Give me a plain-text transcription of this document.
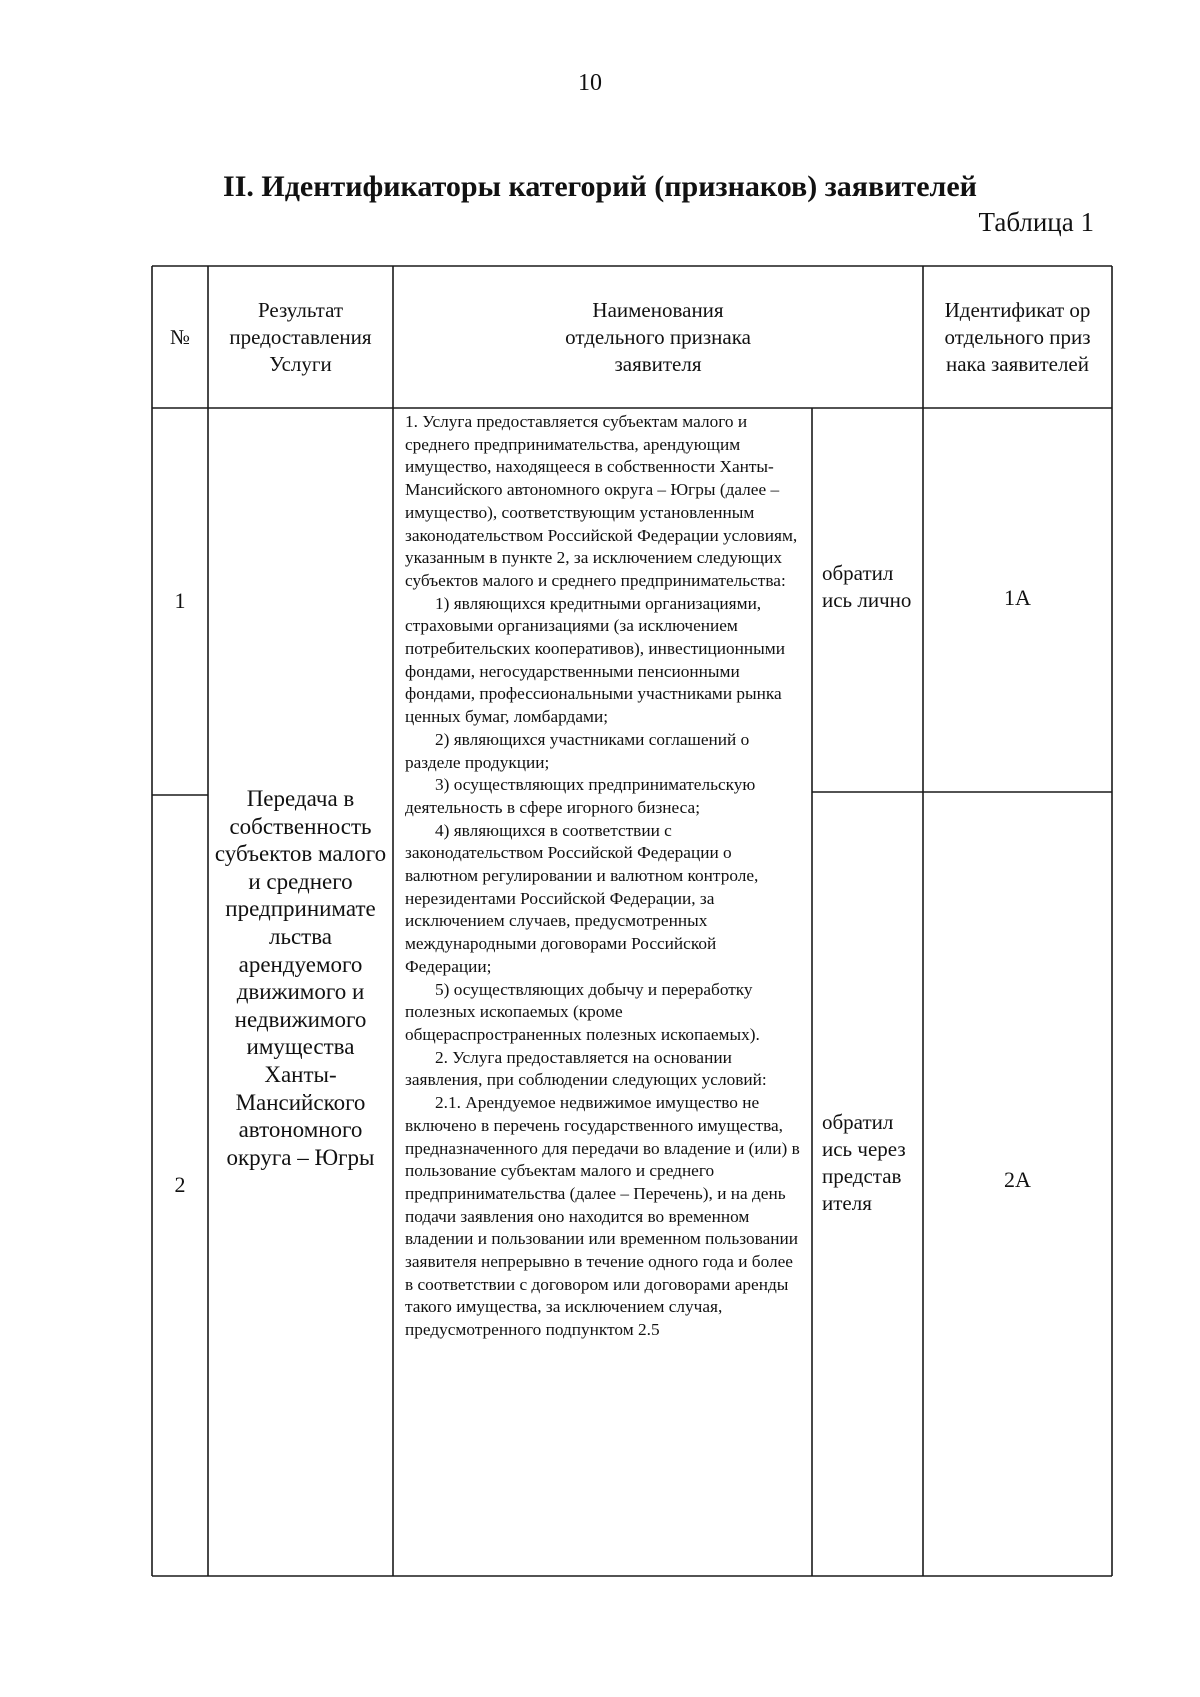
10
II. Идентификаторы категорий (признаков) заявителей
Таблица 1
№
Результат предоставления Услуги
Наименования отдельного признака заявителя
Идентификат ор отдельного признака заявителей
1
2
Передача в собственность субъектов малого и среднего предпринимате льства арендуемого движимого и недвижимого имущества Ханты-Мансийского автономного округа – Югры

1. Услуга предоставляется субъектам малого и среднего предпринимательства, арендующим имущество, находящееся в собственности Ханты-Мансийского автономного округа – Югры (далее – имущество), соответствующим установленным законодательством Российской Федерации условиям, указанным в пункте 2, за исключением следующих субъектов малого и среднего предпринимательства:

1) являющихся кредитными организациями, страховыми организациями (за исключением потребительских кооперативов), инвестиционными фондами, негосударственными пенсионными фондами, профессиональными участниками рынка ценных бумаг, ломбардами;

2) являющихся участниками соглашений о разделе продукции;

3) осуществляющих предпринимательскую деятельность в сфере игорного бизнеса;

4) являющихся в соответствии с законодательством Российской Федерации о валютном регулировании и валютном контроле, нерезидентами Российской Федерации, за исключением случаев, предусмотренных международными договорами Российской Федерации;

5) осуществляющих добычу и переработку полезных ископаемых (кроме общераспространенных полезных ископаемых).

2. Услуга предоставляется на основании заявления, при соблюдении следующих условий:

2.1. Арендуемое недвижимое имущество не включено в перечень государственного имущества, предназначенного для передачи во владение и (или) в пользование субъектам малого и среднего предпринимательства (далее – Перечень), и на день подачи заявления оно находится во временном владении и пользовании или временном пользовании заявителя непрерывно в течение одного года и более в соответствии с договором или договорами аренды такого имущества, за исключением случая, предусмотренного подпунктом 2.5

обратил ись лично
обратил ись через представ ителя
1А
2А
